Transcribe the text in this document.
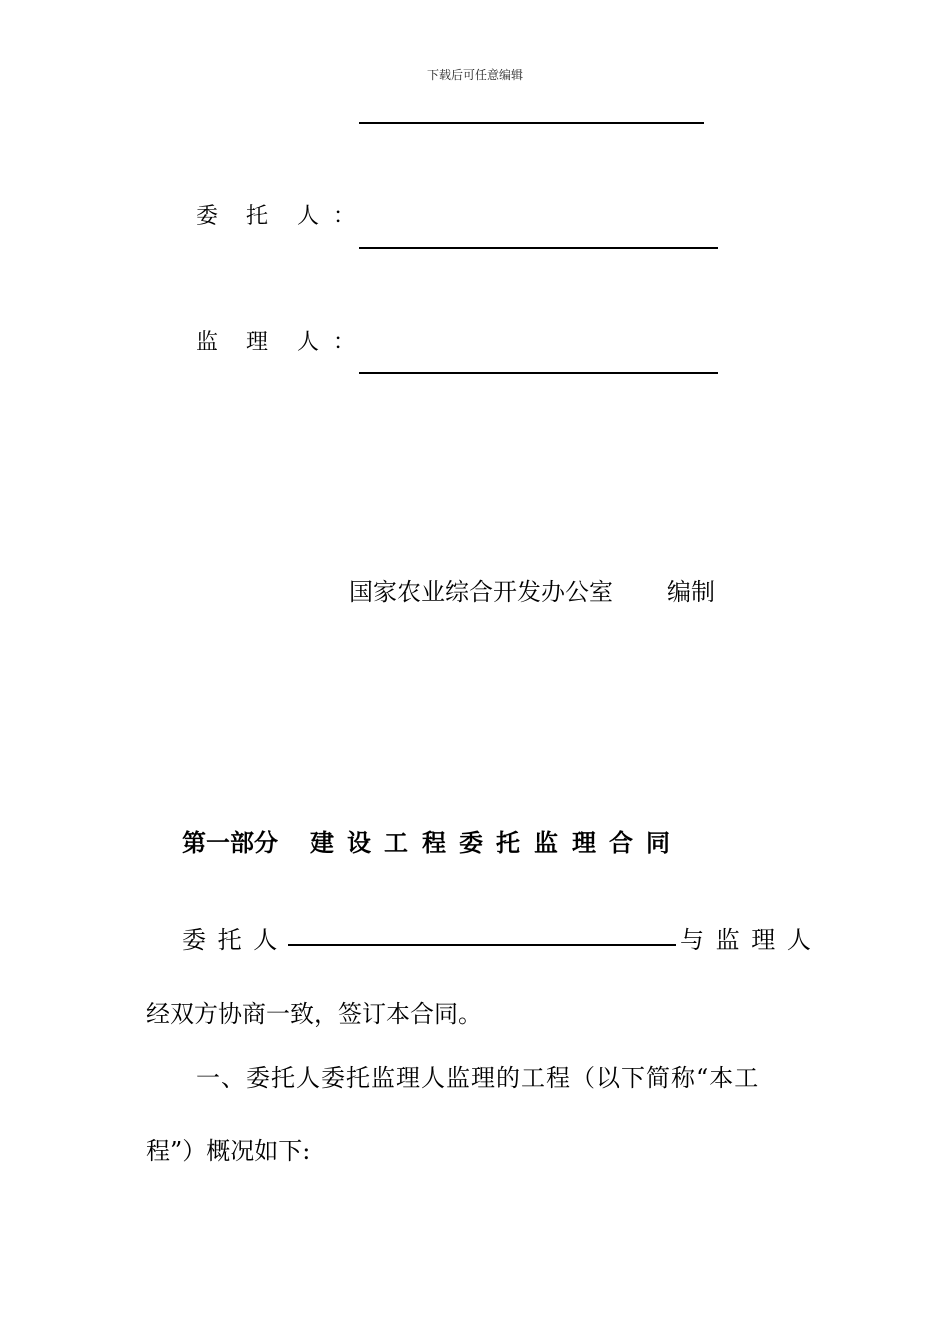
下载后可任意编辑
委 托 人 ：
监 理 人 ：
国家农业综合开发办公室 编制
第一部分 建 设 工 程 委 托 监 理 合 同
委 托 人	与 监 理 人
经双方协商一致，签订本合同。
一、委托人委托监理人监理的工程（以下简称“本工
程”）概况如下:
